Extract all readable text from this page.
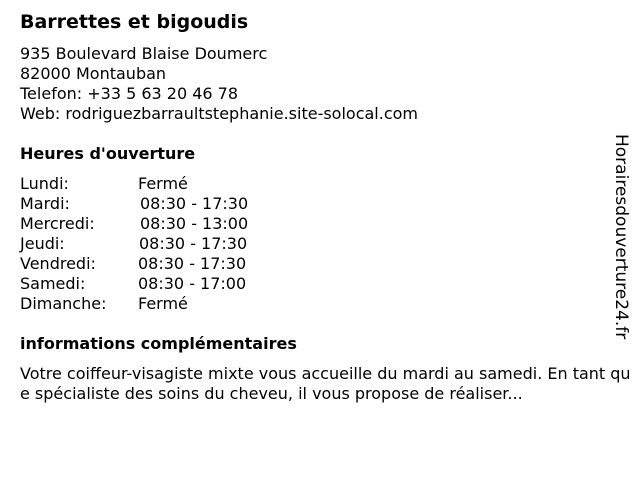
Barrettes et bigoudis
935 Boulevard Blaise Doumerc
82000 Montauban
Telefon: +33 5 63 20 46 78
Web: rodriguezbarraultstephanie.site-solocal.com
Heures d'ouverture
Lundi:	Fermé
Mardi:	08:30 - 17:30
Mercredi:	08:30 - 13:00
Jeudi:	08:30 - 17:30
Vendredi:	08:30 - 17:30
Samedi:	08:30 - 17:00
Dimanche: Fermé
informations complémentaires
Votre coiffeur-visagiste mixte vous accueille du mardi au samedi. En tant que spécialiste des soins du cheveu, il vous propose de réaliser...
Horairesdouverture24.fr
